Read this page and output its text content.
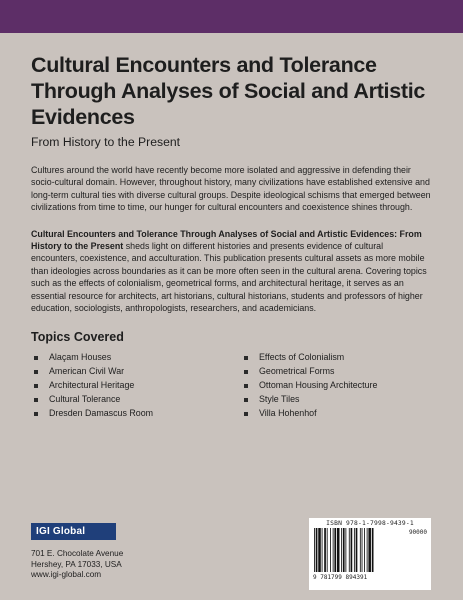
Cultural Encounters and Tolerance Through Analyses of Social and Artistic Evidences
From History to the Present

Cultures around the world have recently become more isolated and aggressive in defending their socio-cultural domain. However, throughout history, many civilizations have established extensive and long-term cultural ties with diverse cultural groups. Despite ideological schisms that emerged between civilizations from time to time, our hunger for cultural encounters and coexistence shines through.

Cultural Encounters and Tolerance Through Analyses of Social and Artistic Evidences: From History to the Present sheds light on different histories and presents evidence of cultural encounters, coexistence, and acculturation. This publication presents cultural assets as more mobile than ideologies across boundaries as it can be more often seen in the cultural arena. Covering topics such as the effects of colonialism, geometrical forms, and architectural heritage, it serves as an essential resource for architects, art historians, cultural historians, students and professors of higher education, sociologists, anthropologists, researchers, and academicians.

Topics Covered
Alaçam Houses
American Civil War
Architectural Heritage
Cultural Tolerance
Dresden Damascus Room
Effects of Colonialism
Geometrical Forms
Ottoman Housing Architecture
Style Tiles
Villa Hohenhof
IGI Global
PUBLISHER of TIMELY KNOWLEDGE
701 E. Chocolate Avenue
Hershey, PA 17033, USA
www.igi-global.com
ISBN 978-1-7998-9439-1
90000
9 781799 894391
